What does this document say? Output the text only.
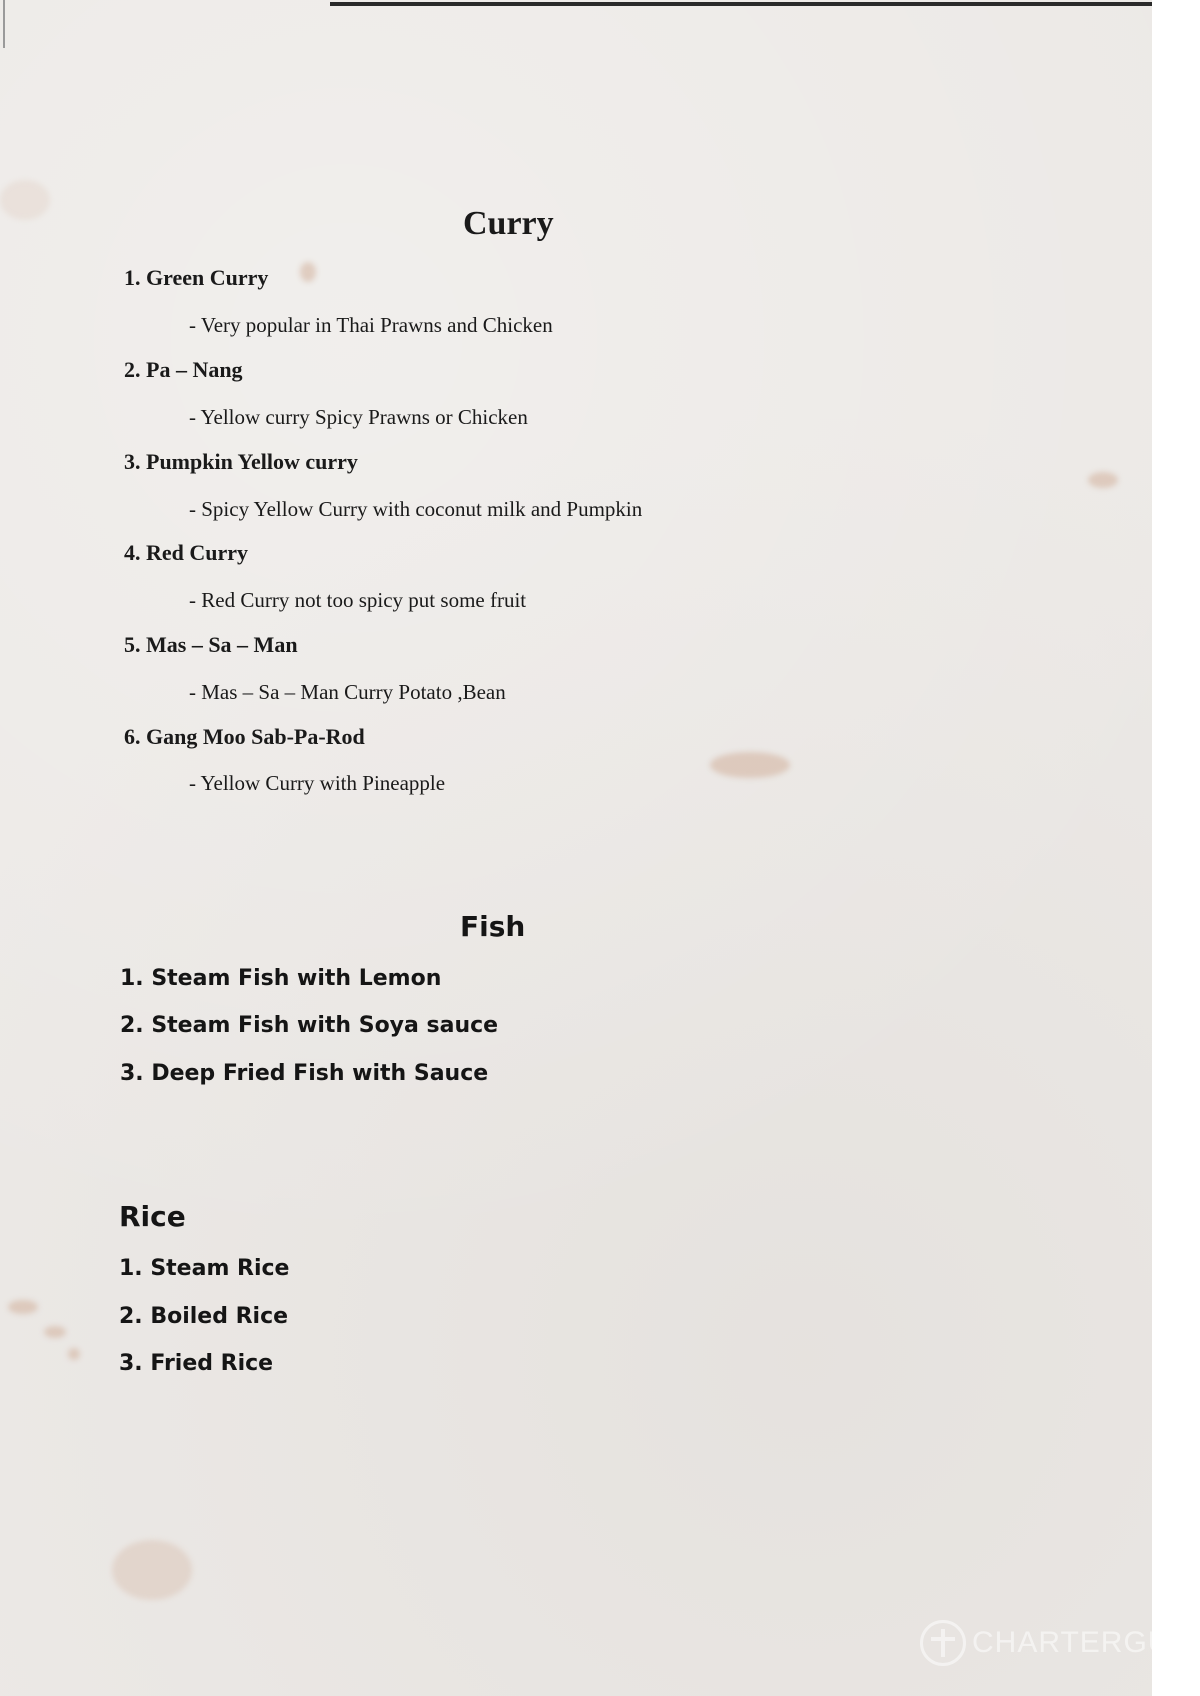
Curry
1. Green Curry
- Very popular in Thai Prawns and Chicken
2. Pa – Nang
- Yellow curry Spicy Prawns or Chicken
3. Pumpkin Yellow curry
- Spicy Yellow Curry with coconut milk and Pumpkin
4. Red Curry
- Red Curry not too spicy put some fruit
5. Mas – Sa – Man
- Mas – Sa – Man Curry Potato ,Bean
6. Gang Moo Sab-Pa-Rod
- Yellow Curry with Pineapple
Fish
1. Steam Fish with Lemon
2. Steam Fish with Soya sauce
3. Deep Fried Fish with Sauce
Rice
1. Steam Rice
2. Boiled Rice
3. Fried Rice
CHARTERGU
